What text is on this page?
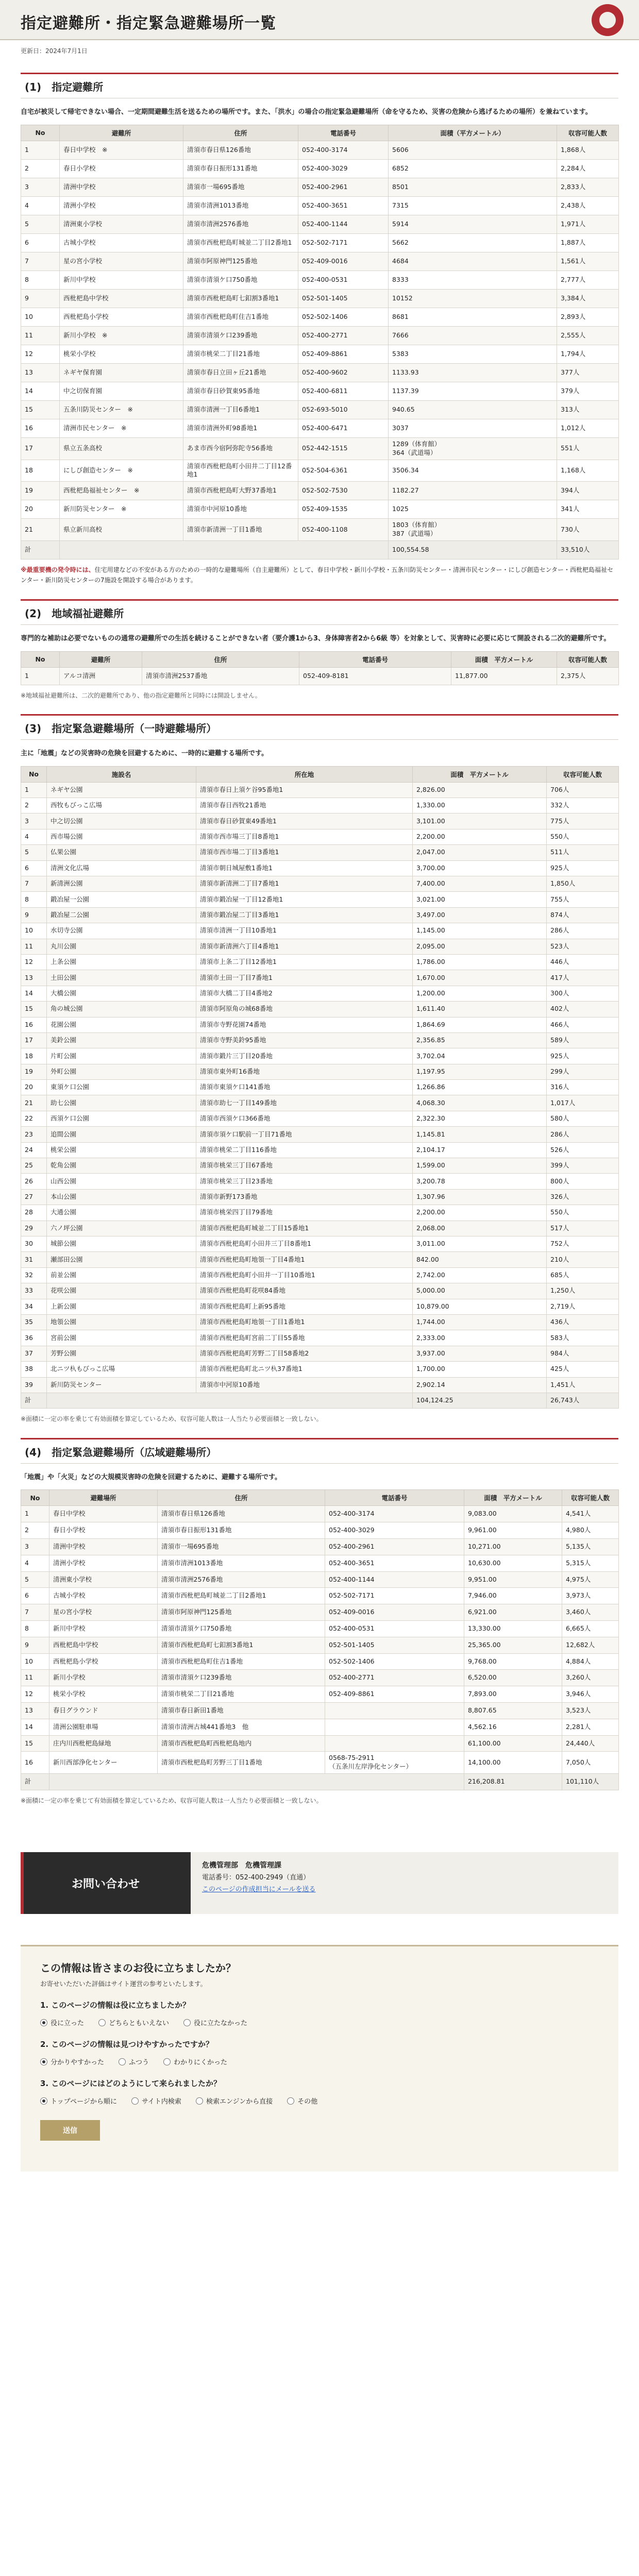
指定避難所・指定緊急避難場所一覧
更新日：2024年7月1日
(1)　指定避難所

自宅が被災して帰宅できない場合、一定期間避難生活を送るための場所です。また、「洪水」の場合の指定緊急避難場所（命を守るため、災害の危険から逃げるための場所）を兼ねています。

No	避難所	住所	電話番号	面積（平方メートル）	収容可能人数
1	春日中学校　※	清須市春日県126番地	052-400-3174	5606	1,868人
2	春日小学校	清須市春日振形131番地	052-400-3029	6852	2,284人
3	清洲中学校	清須市一場695番地	052-400-2961	8501	2,833人
4	清洲小学校	清須市清洲1013番地	052-400-3651	7315	2,438人
5	清洲東小学校	清須市清洲2576番地	052-400-1144	5914	1,971人
6	古城小学校	清須市西枇杷島町城並二丁目2番地1	052-502-7171	5662	1,887人
7	星の宮小学校	清須市阿原神門125番地	052-409-0016	4684	1,561人
8	新川中学校	清須市清須ケ口750番地	052-400-0531	8333	2,777人
9	西枇杷島中学校	清須市西枇杷島町七釦割3番地1	052-501-1405	10152	3,384人
10	西枇杷島小学校	清須市西枇杷島町住吉1番地	052-502-1406	8681	2,893人
11	新川小学校　※	清須市清須ケ口239番地	052-400-2771	7666	2,555人
12	桃栄小学校	清須市桃栄二丁目21番地	052-409-8861	5383	1,794人
13	ネギヤ保育園	清須市春日立田ヶ丘21番地	052-400-9602	1133.93	377人
14	中之切保育園	清須市春日砂賀東95番地	052-400-6811	1137.39	379人
15	五条川防災センター　※	清須市清洲一丁目6番地1	052-693-5010	940.65	313人
16	清洲市民センター　※	清須市清洲外町98番地1	052-400-6471	3037	1,012人
17	県立五条高校	あま市西今宿阿弥陀寺56番地	052-442-1515	1289（体育館）
364（武道場）	551人
18	にしび創造センター　※	清須市西枇杷島町小田井二丁目12番地1	052-504-6361	3506.34	1,168人
19	西枇杷島福祉センター　※	清須市西枇杷島町大野37番地1	052-502-7530	1182.27	394人
20	新川防災センター　※	清須市中河原10番地	052-409-1535	1025	341人
21	県立新川高校	清須市新清洲一丁目1番地	052-400-1108	1803（体育館）
387（武道場）	730人
計				100,554.58	33,510人

※最重要機の発令時には、住宅用建などの不安がある方のための一時的な避難場所（自主避難所）として、春日中学校・新川小学校・五条川防災センター・清洲市民センター・にしび創造センター・西枇杷島福祉センター・新川防災センターの7施設を開設する場合があります。

(2)　地域福祉避難所

専門的な補助は必要でないものの通常の避難所での生活を続けることができない者（要介護1から3、身体障害者2から6級 等）を対象として、災害時に必要に応じて開設される二次的避難所です。

No	避難所	住所	電話番号	面積　平方メートル	収容可能人数
1	アルコ清洲	清須市清洲2537番地	052-409-8181	11,877.00	2,375人

※地域福祉避難所は、二次的避難所であり、他の指定避難所と同時には開設しません。

(3)　指定緊急避難場所（一時避難場所）

主に「地震」などの災害時の危険を回避するために、一時的に避難する場所です。

No	施設名	所在地	面積　平方メートル	収容可能人数
1	ネギヤ公園	清須市春日上須ケ谷95番地1	2,826.00	706人
2	西牧もびっこ広場	清須市春日西牧21番地	1,330.00	332人
3	中之切公園	清須市春日砂賀東49番地1	3,101.00	775人
4	西市場公園	清須市西市場三丁目8番地1	2,200.00	550人
5	仏果公園	清須市西市場二丁目3番地1	2,047.00	511人
6	清洲文化広場	清須市朝日城屋敷1番地1	3,700.00	925人
7	新清洲公園	清須市新清洲二丁目7番地1	7,400.00	1,850人
8	鍛冶屋一公園	清須市鍛冶屋一丁目12番地1	3,021.00	755人
9	鍛冶屋二公園	清須市鍛冶屋二丁目3番地1	3,497.00	874人
10	水切寺公園	清須市清洲一丁目10番地1	1,145.00	286人
11	丸川公園	清須市新清洲六丁目4番地1	2,095.00	523人
12	上条公園	清須市上条二丁目12番地1	1,786.00	446人
13	土田公園	清須市土田一丁目7番地1	1,670.00	417人
14	大橋公園	清須市大橋二丁目4番地2	1,200.00	300人
15	角の城公園	清須市阿原角の城68番地	1,611.40	402人
16	花園公園	清須市寺野花園74番地	1,864.69	466人
17	美鈴公園	清須市寺野美鈴95番地	2,356.85	589人
18	片町公園	清須市鍛片三丁目20番地	3,702.04	925人
19	外町公園	清須市東外町16番地	1,197.95	299人
20	東須ケ口公園	清須市東須ケ口141番地	1,266.86	316人
21	助七公園	清須市助七一丁目149番地	4,068.30	1,017人
22	西須ケ口公園	清須市西須ケ口366番地	2,322.30	580人
23	追間公園	清須市須ケ口駅前一丁目71番地	1,145.81	286人
24	桃栄公園	清須市桃栄二丁目116番地	2,104.17	526人
25	乾角公園	清須市桃栄三丁目67番地	1,599.00	399人
26	山西公園	清須市桃栄三丁目23番地	3,200.78	800人
27	本山公園	清須市新野173番地	1,307.96	326人
28	大通公園	清須市桃栄四丁目79番地	2,200.00	550人
29	六ノ坪公園	清須市西枇杷島町城並二丁目15番地1	2,068.00	517人
30	城節公園	清須市西枇杷島町小田井三丁目8番地1	3,011.00	752人
31	瀬部田公園	清須市西枇杷島町地領一丁目4番地1	842.00	210人
32	前並公園	清須市西枇杷島町小田井一丁目10番地1	2,742.00	685人
33	花咲公園	清須市西枇杷島町花咲84番地	5,000.00	1,250人
34	上新公園	清須市西枇杷島町上新95番地	10,879.00	2,719人
35	地領公園	清須市西枇杷島町地領一丁目1番地1	1,744.00	436人
36	宮前公園	清須市西枇杷島町宮前二丁目55番地	2,333.00	583人
37	芳野公園	清須市西枇杷島町芳野二丁目58番地2	3,937.00	984人
38	北ニツ杁もびっこ広場	清須市西枇杷島町北ニツ杁37番地1	1,700.00	425人
39	新川防災センター	清須市中河原10番地	2,902.14	1,451人
計			104,124.25	26,743人

※面積に一定の率を乗じて有効面積を算定しているため、収容可能人数は一人当たり必要面積と一致しない。

(4)　指定緊急避難場所（広域避難場所）

「地震」や「火災」などの大規模災害時の危険を回避するために、避難する場所です。

No	避難場所	住所	電話番号	面積　平方メートル	収容可能人数
1	春日中学校	清須市春日県126番地	052-400-3174	9,083.00	4,541人
2	春日小学校	清須市春日振形131番地	052-400-3029	9,961.00	4,980人
3	清洲中学校	清須市一場695番地	052-400-2961	10,271.00	5,135人
4	清洲小学校	清須市清洲1013番地	052-400-3651	10,630.00	5,315人
5	清洲東小学校	清須市清洲2576番地	052-400-1144	9,951.00	4,975人
6	古城小学校	清須市西枇杷島町城並二丁目2番地1	052-502-7171	7,946.00	3,973人
7	星の宮小学校	清須市阿原神門125番地	052-409-0016	6,921.00	3,460人
8	新川中学校	清須市清須ケ口750番地	052-400-0531	13,330.00	6,665人
9	西枇杷島中学校	清須市西枇杷島町七釦割3番地1	052-501-1405	25,365.00	12,682人
10	西枇杷島小学校	清須市西枇杷島町住吉1番地	052-502-1406	9,768.00	4,884人
11	新川小学校	清須市清須ケ口239番地	052-400-2771	6,520.00	3,260人
12	桃栄小学校	清須市桃栄二丁目21番地	052-409-8861	7,893.00	3,946人
13	春日グラウンド	清須市春日新田1番地		8,807.65	3,523人
14	清洲公園駐車場	清須市清洲古城441番地3　他		4,562.16	2,281人
15	庄内川西枇杷島緑地	清須市西枇杷島町西枇杷島地内		61,100.00	24,440人
16	新川西部浄化センター	清須市西枇杷島町芳野三丁目1番地	0568-75-2911
（五条川左岸浄化センター）	14,100.00	7,050人
計				216,208.81	101,110人

※面積に一定の率を乗じて有効面積を算定しているため、収容可能人数は一人当たり必要面積と一致しない。

お問い合わせ
危機管理部　危機管理課
電話番号：052-400-2949（直通）
このページの作成担当にメールを送る
この情報は皆さまのお役に立ちましたか？

お寄せいただいた評価はサイト運営の参考といたします。

1. このページの情報は役に立ちましたか？
役に立った	どちらともいえない	役に立たなかった
2. このページの情報は見つけやすかったですか？
分かりやすかった	ふつう	わかりにくかった
3. このページにはどのようにして来られましたか？
トップページから順に	サイト内検索	検索エンジンから直接	その他
送信
